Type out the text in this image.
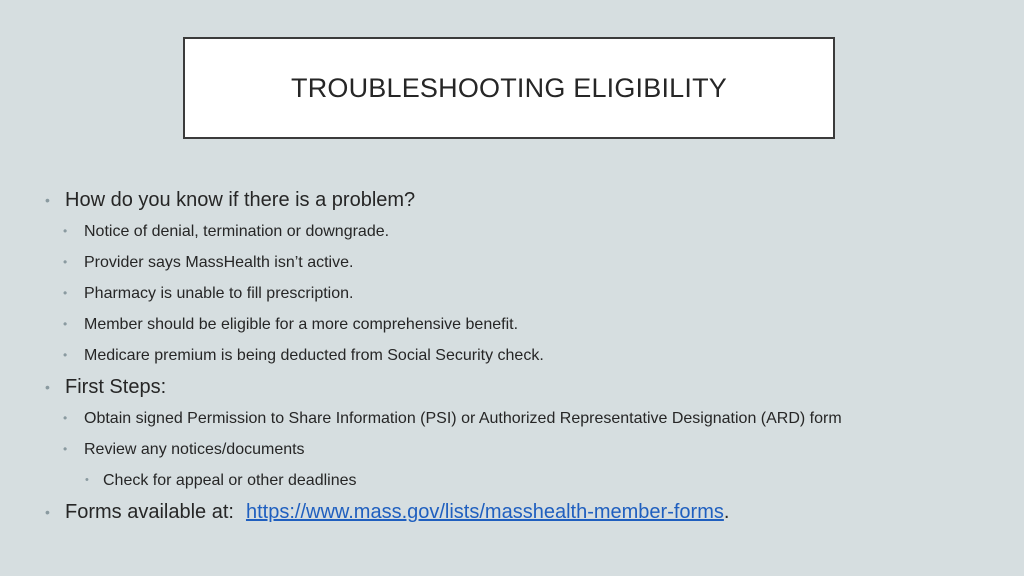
TROUBLESHOOTING ELIGIBILITY
• How do you know if there is a problem?
• Notice of denial, termination or downgrade.
• Provider says MassHealth isn’t active.
• Pharmacy is unable to fill prescription.
• Member should be eligible for a more comprehensive benefit.
• Medicare premium is being deducted from Social Security check.
• First Steps:
• Obtain signed Permission to Share Information (PSI) or Authorized Representative Designation (ARD) form
• Review any notices/documents
• Check for appeal or other deadlines
• Forms available at: https://www.mass.gov/lists/masshealth-member-forms.
